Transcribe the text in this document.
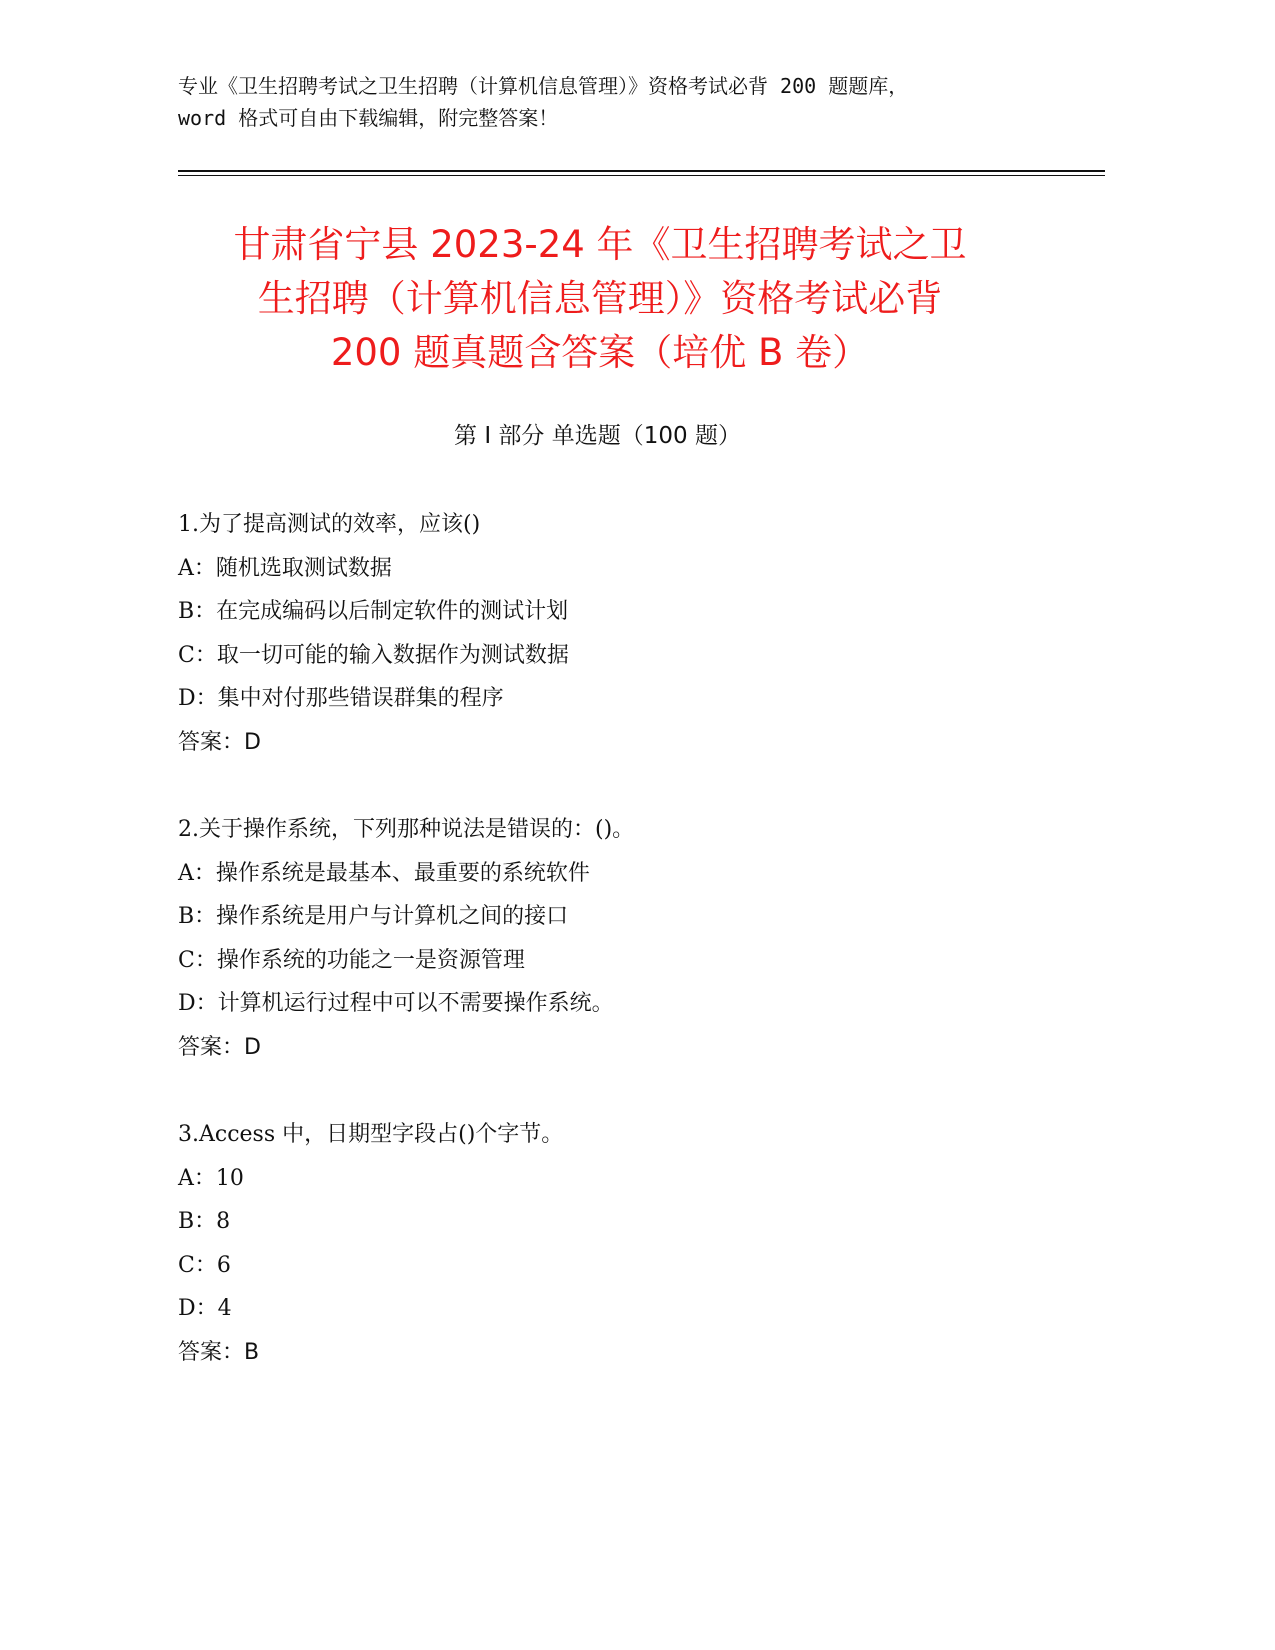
专业《卫生招聘考试之卫生招聘（计算机信息管理）》资格考试必背 200 题题库，
word 格式可自由下载编辑，附完整答案！
甘肃省宁县 2023-24 年《卫生招聘考试之卫
生招聘（计算机信息管理）》资格考试必背
200 题真题含答案（培优 B 卷）
第 I 部分 单选题（100 题）
1.为了提高测试的效率，应该()
A：随机选取测试数据
B：在完成编码以后制定软件的测试计划
C：取一切可能的输入数据作为测试数据
D：集中对付那些错误群集的程序
答案：D
2.关于操作系统，下列那种说法是错误的：()。
A：操作系统是最基本、最重要的系统软件
B：操作系统是用户与计算机之间的接口
C：操作系统的功能之一是资源管理
D：计算机运行过程中可以不需要操作系统。
答案：D
3.Access 中，日期型字段占()个字节。
A：10
B：8
C：6
D：4
答案：B
